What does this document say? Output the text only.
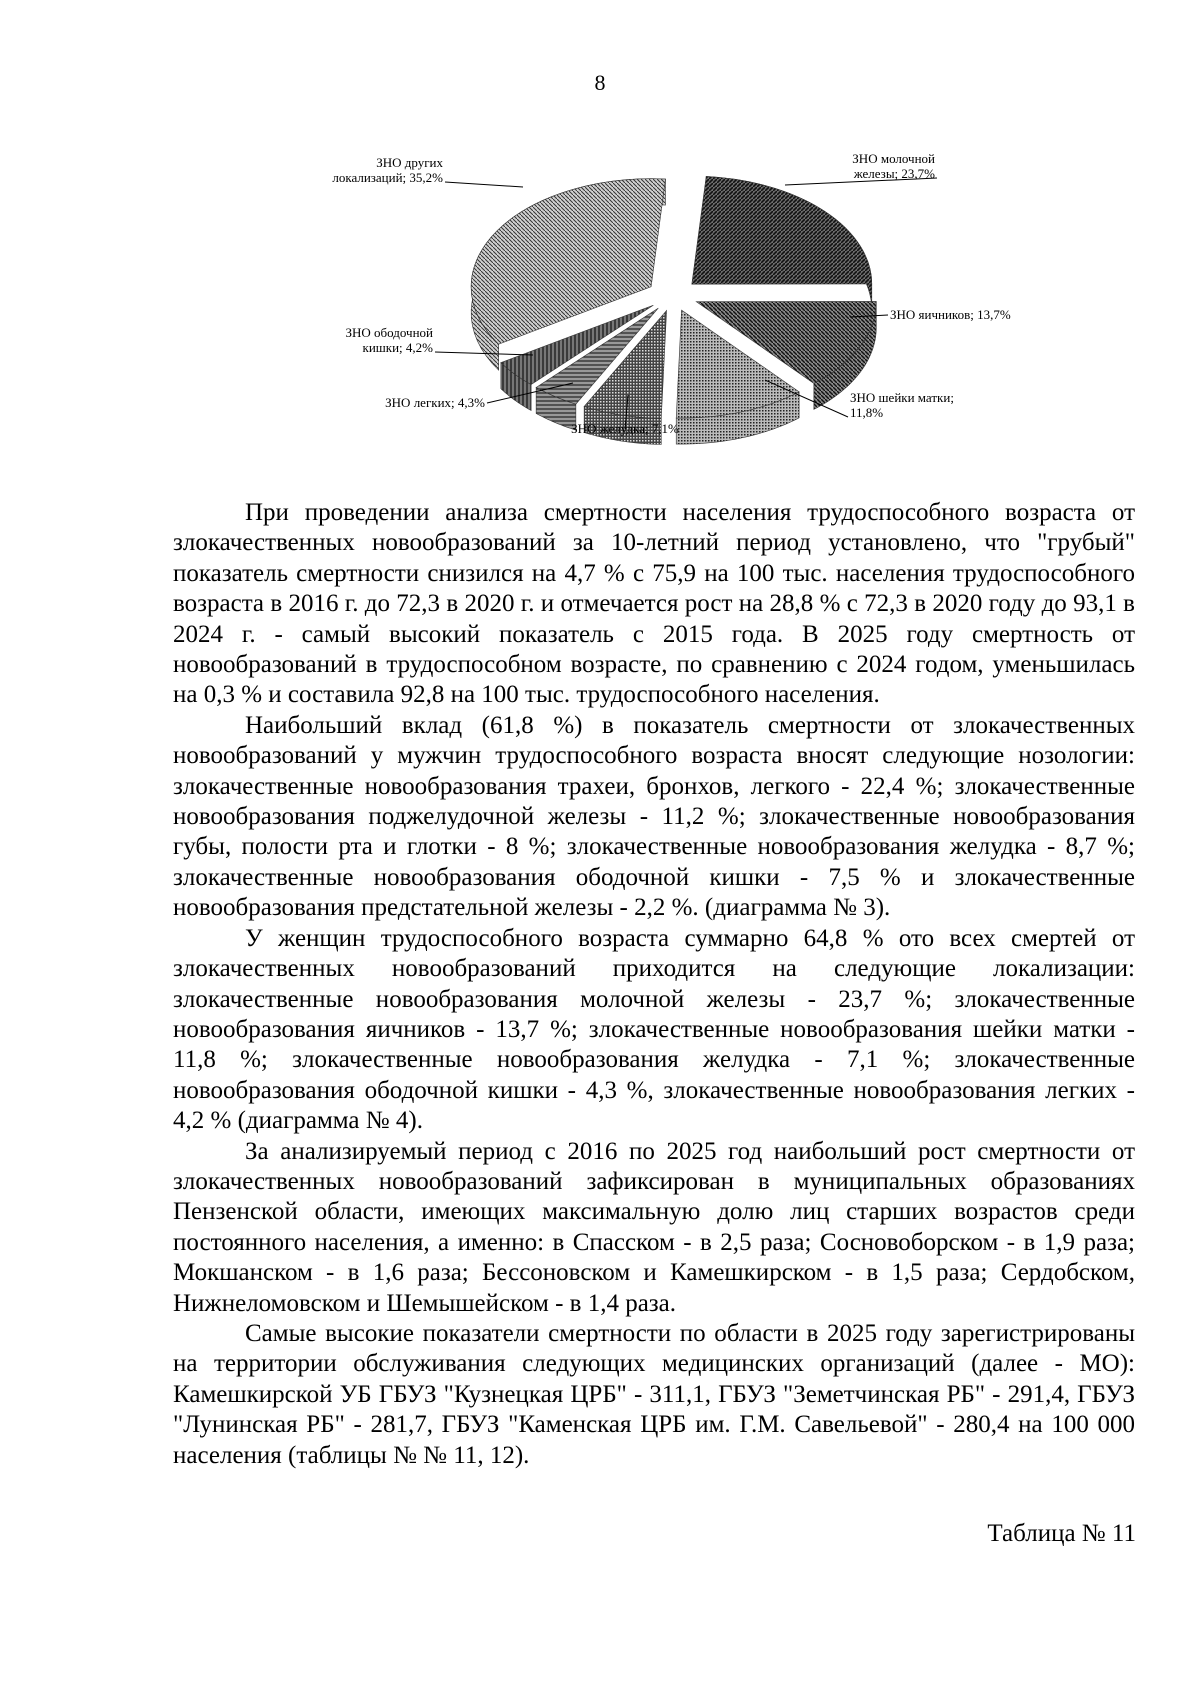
8
ЗНО молочной железы; 23,7%
ЗНО яичников; 13,7%
ЗНО шейки матки; 11,8%
ЗНО желудка; 7,1%
ЗНО легких; 4,3%
ЗНО ободочной кишки; 4,2%
ЗНО других локализаций; 35,2%

При проведении анализа смертности населения трудоспособного возраста от злокачественных новообразований за 10-летний период установлено, что "грубый" показатель смертности снизился на 4,7 % с 75,9 на 100 тыс. населения трудоспособного возраста в 2016 г. до 72,3 в 2020 г. и отмечается рост на 28,8 % с 72,3 в 2020 году до 93,1 в 2024 г. - самый высокий показатель с 2015 года. В 2025 году смертность от новообразований в трудоспособном возрасте, по сравнению с 2024 годом, уменьшилась на 0,3 % и составила 92,8 на 100 тыс. трудоспособного населения.

Наибольший вклад (61,8 %) в показатель смертности от злокачественных новообразований у мужчин трудоспособного возраста вносят следующие нозологии: злокачественные новообразования трахеи, бронхов, легкого - 22,4 %; злокачественные новообразования поджелудочной железы - 11,2 %; злокачественные новообразования губы, полости рта и глотки - 8 %; злокачественные новообразования желудка - 8,7 %; злокачественные новообразования ободочной кишки - 7,5 % и злокачественные новообразования предстательной железы - 2,2 %. (диаграмма № 3).

У женщин трудоспособного возраста суммарно 64,8 % ото всех смертей от злокачественных новообразований приходится на следующие локализации: злокачественные новообразования молочной железы - 23,7 %; злокачественные новообразования яичников - 13,7 %; злокачественные новообразования шейки матки - 11,8 %; злокачественные новообразования желудка - 7,1 %; злокачественные новообразования ободочной кишки - 4,3 %, злокачественные новообразования легких - 4,2 % (диаграмма № 4).

За анализируемый период с 2016 по 2025 год наибольший рост смертности от злокачественных новообразований зафиксирован в муниципальных образованиях Пензенской области, имеющих максимальную долю лиц старших возрастов среди постоянного населения, а именно: в Спасском - в 2,5 раза; Сосновоборском - в 1,9 раза; Мокшанском - в 1,6 раза; Бессоновском и Камешкирском - в 1,5 раза; Сердобском, Нижнеломовском и Шемышейском - в 1,4 раза.

Самые высокие показатели смертности по области в 2025 году зарегистрированы на территории обслуживания следующих медицинских организаций (далее - МО): Камешкирской УБ ГБУЗ "Кузнецкая ЦРБ" - 311,1, ГБУЗ "Земетчинская РБ" - 291,4, ГБУЗ "Лунинская РБ" - 281,7, ГБУЗ "Каменская ЦРБ им. Г.М. Савельевой" - 280,4 на 100 000 населения (таблицы № № 11, 12).

Таблица № 11
